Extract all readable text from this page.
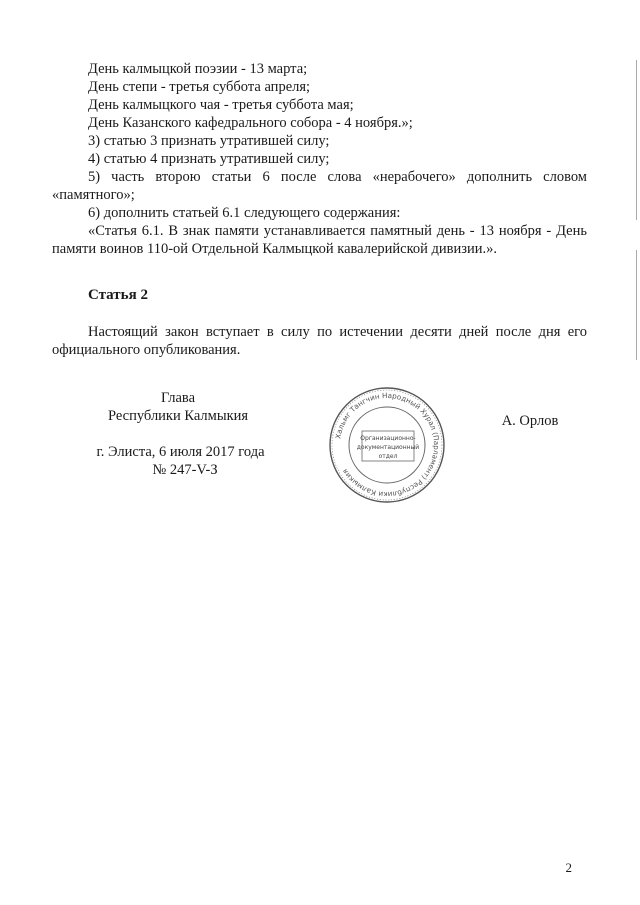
День калмыцкой поэзии - 13 марта;
День степи - третья суббота апреля;
День калмыцкого чая - третья суббота мая;
День Казанского кафедрального собора - 4 ноября.»;
3) статью 3 признать утратившей силу;
4) статью 4 признать утратившей силу;
5) часть второю статьи 6 после слова «нерабочего» дополнить словом
«памятного»;
6) дополнить статьей 6.1 следующего содержания:
«Статья 6.1. В знак памяти устанавливается памятный день - 13 ноября - День
памяти воинов 110-ой Отдельной Калмыцкой кавалерийской дивизии.».
Статья 2
Настоящий закон вступает в силу по истечении десяти дней после дня его
официального опубликования.
Глава
Республики Калмыкия
г. Элиста, 6 июля 2017 года
№ 247-V-З
А. Орлов
Хальмг Тангчин Народный Хурал (Парламент) Республики Калмыкия
Организационно-
документационный
отдел
2
